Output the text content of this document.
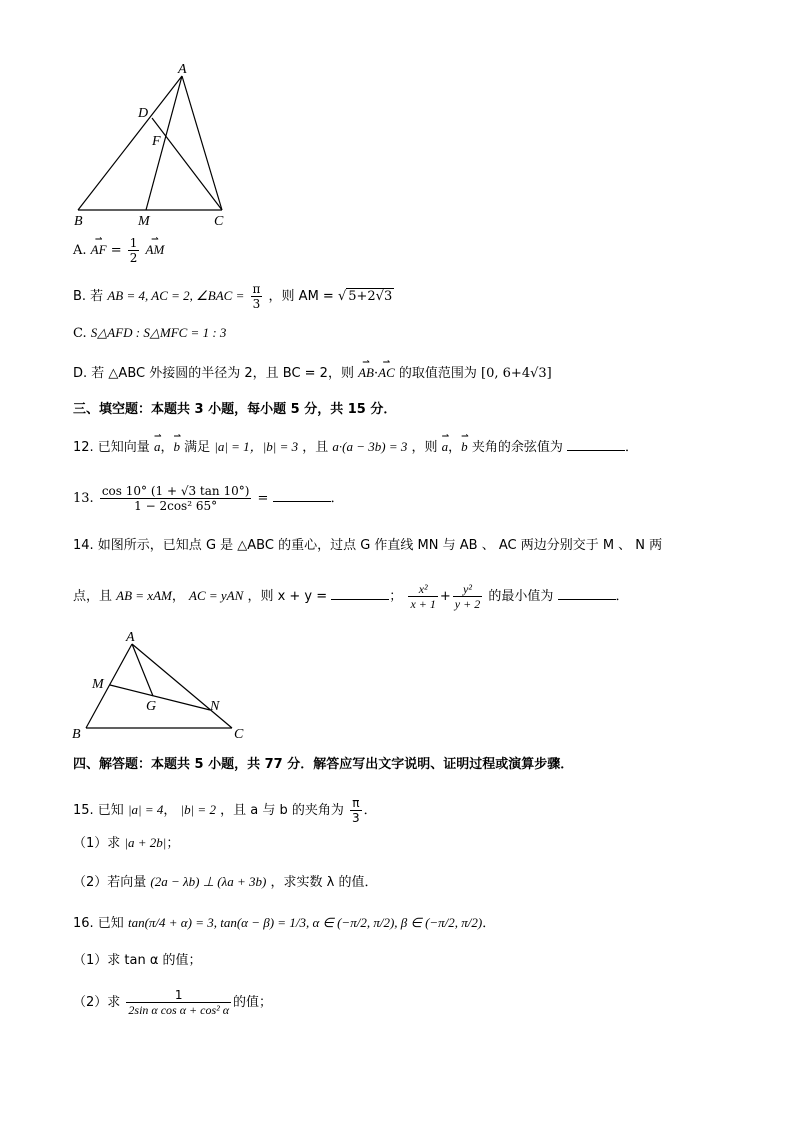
A
B	C
D
F
M
A. ⇀ AF = $\frac{1}{2}$ ⇀ AM
B. 若 AB = 4, AC = 2, ∠BAC = $\frac{\pi}{3}$ ，则 AM = √ 5+2√3
C. S△AFD : S△MFC = 1 : 3
D. 若 △ABC 外接圆的半径为 2，且 BC = 2，则 ⇀ AB·⇀ AC 的取值范围为 [0, 6+4√3]
三、填空题：本题共 3 小题，每小题 5 分，共 15 分．
12. 已知向量 ⇀ a，⇀ b 满足 |a| = 1，|b| = 3 ，且 a·(a − 3b) = 3 ，则 ⇀ a，⇀ b 夹角的余弦值为	．
13. $\frac{\cos 10^\circ (1 + √3 \tan 10^\circ)}{\text{1 − 2cos² 65°}}$ =	．
14. 如图所示，已知点 G 是 △ABC 的重心，过点 G 作直线 MN 与 AB 、 AC 两边分别交于 M 、 N 两
点，且 AB = xAM， AC = yAN ，则 x + y =	； $\frac{\text{x²}}{x + 1} + \frac{\text{y²}}{y + 2}$ 的最小值为	．
A
B	C
M
G	N
四、解答题：本题共 5 小题，共 77 分．解答应写出文字说明、证明过程或演算步骤．
15. 已知 |a| = 4， |b| = 2 ，且 a 与 b 的夹角为 $\frac{\pi}{3}$ ．
（1）求 |a + 2b|；
（2）若向量 (2a − λb) ⊥ (λa + 3b) ，求实数 λ 的值．
16. 已知 tan(π/4 + α) = 3, tan(α − β) = 1/3, α ∈ (−π/2, π/2), β ∈ (−π/2, π/2)．
（1）求 tan α 的值；
（2）求 $\frac{1}{\text{2sin α cos α + cos² α}}$ 的值；
